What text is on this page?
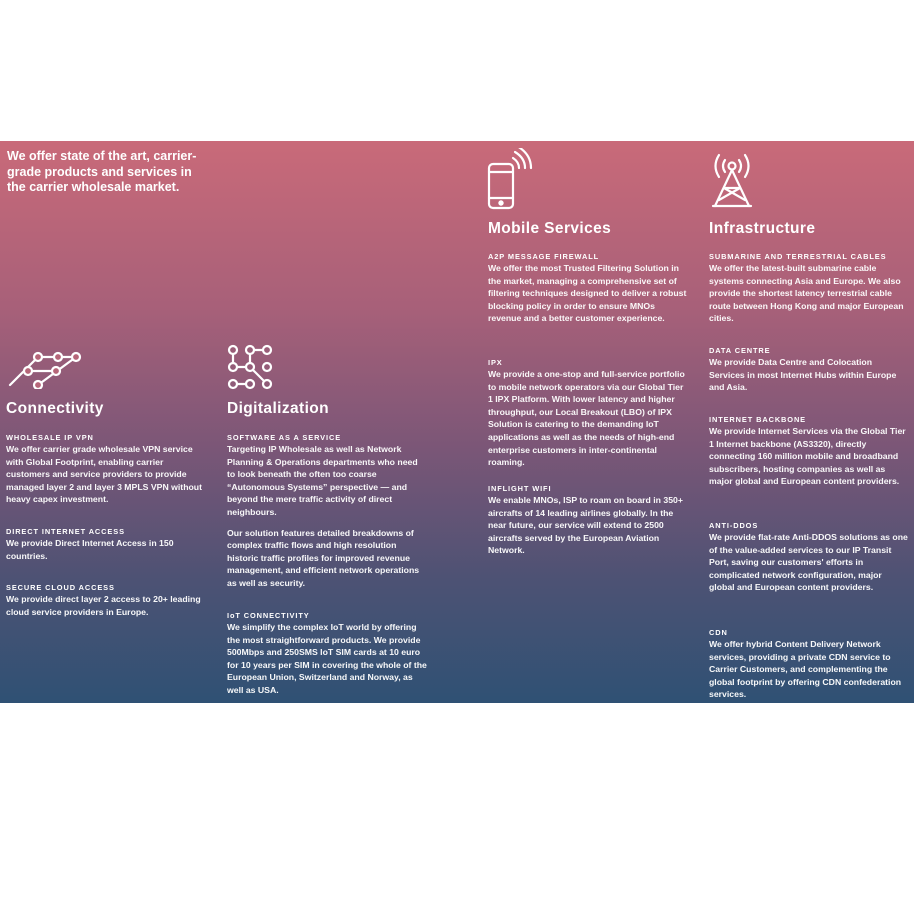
We offer state of the art, carrier-grade products and services in the carrier wholesale market.
Connectivity

WHOLESALE IP VPN

We offer carrier grade wholesale VPN service with Global Footprint, enabling carrier customers and service providers to provide managed layer 2 and layer 3 MPLS VPN without heavy capex investment.

DIRECT INTERNET ACCESS

We provide Direct Internet Access in 150 countries.

SECURE CLOUD ACCESS

We provide direct layer 2 access to 20+ leading cloud service providers in Europe.

Digitalization

SOFTWARE AS A SERVICE

Targeting IP Wholesale as well as Network Planning & Operations departments who need to look beneath the often too coarse “Autonomous Systems” perspective — and beyond the mere traffic activity of direct neighbours.

Our solution features detailed breakdowns of complex traffic flows and high resolution historic traffic profiles for improved revenue management, and efficient network operations as well as security.

IoT CONNECTIVITY

We simplify the complex IoT world by offering the most straightforward products. We provide 500Mbps and 250SMS IoT SIM cards at 10 euro for 10 years per SIM in covering the whole of the European Union, Switzerland and Norway, as well as USA.

Mobile Services

A2P MESSAGE FIREWALL

We offer the most Trusted Filtering Solution in the market, managing a comprehensive set of filtering techniques designed to deliver a robust blocking policy in order to ensure MNOs revenue and a better customer experience.

IPX

We provide a one-stop and full-service portfolio to mobile network operators via our Global Tier 1 IPX Platform. With lower latency and higher throughput, our Local Breakout (LBO) of IPX Solution is catering to the demanding IoT applications as well as the needs of high-end enterprise customers in inter-continental roaming.

INFLIGHT WIFI

We enable MNOs, ISP to roam on board in 350+ aircrafts of 14 leading airlines globally. In the near future, our service will extend to 2500 aircrafts served by the European Aviation Network.

Infrastructure

SUBMARINE AND TERRESTRIAL CABLES

We offer the latest-built submarine cable systems connecting Asia and Europe. We also provide the shortest latency terrestrial cable route between Hong Kong and major European cities.

DATA CENTRE

We provide Data Centre and Colocation Services in most Internet Hubs within Europe and Asia.

INTERNET BACKBONE

We provide Internet Services via the Global Tier 1 Internet backbone (AS3320), directly connecting 160 million mobile and broadband subscribers, hosting companies as well as major global and European content providers.

ANTI-DDOS

We provide flat-rate Anti-DDOS solutions as one of the value-added services to our IP Transit Port, saving our customers' efforts in complicated network configuration, major global and European content providers.

CDN

We offer hybrid Content Delivery Network services, providing a private CDN service to Carrier Customers, and complementing the global footprint by offering CDN confederation services.
